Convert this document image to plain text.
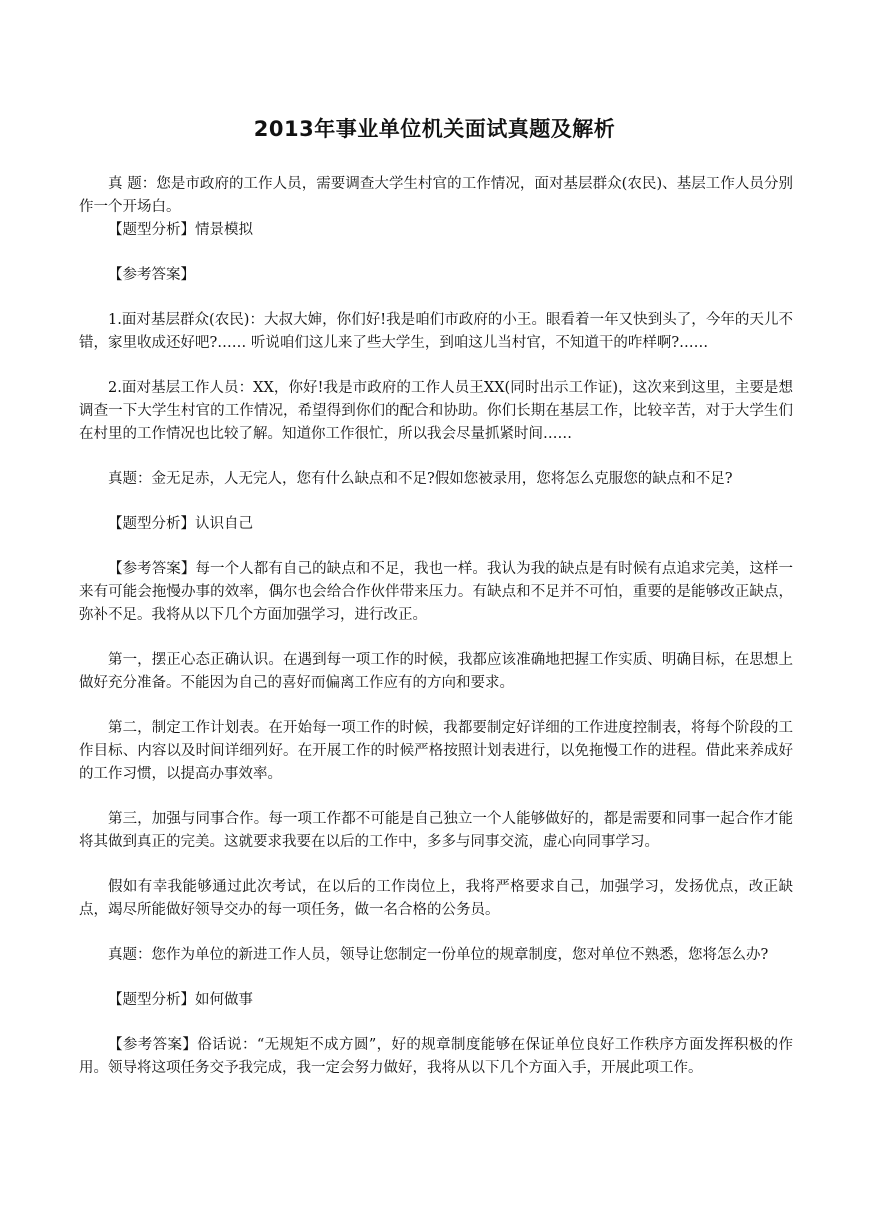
2013年事业单位机关面试真题及解析

真 题：您是市政府的工作人员，需要调查大学生村官的工作情况，面对基层群众(农民)、基层工作人员分别作一个开场白。

【题型分析】情景模拟

【参考答案】

1.面对基层群众(农民)：大叔大婶，你们好!我是咱们市政府的小王。眼看着一年又快到头了，今年的天儿不错，家里收成还好吧?…… 听说咱们这儿来了些大学生，到咱这儿当村官，不知道干的咋样啊?……

2.面对基层工作人员：XX，你好!我是市政府的工作人员王XX(同时出示工作证)，这次来到这里，主要是想调查一下大学生村官的工作情况，希望得到你们的配合和协助。你们长期在基层工作，比较辛苦，对于大学生们在村里的工作情况也比较了解。知道你工作很忙，所以我会尽量抓紧时间……

真题：金无足赤，人无完人，您有什么缺点和不足?假如您被录用，您将怎么克服您的缺点和不足?

【题型分析】认识自己

【参考答案】每一个人都有自己的缺点和不足，我也一样。我认为我的缺点是有时候有点追求完美，这样一来有可能会拖慢办事的效率，偶尔也会给合作伙伴带来压力。有缺点和不足并不可怕，重要的是能够改正缺点，弥补不足。我将从以下几个方面加强学习，进行改正。

第一，摆正心态正确认识。在遇到每一项工作的时候，我都应该准确地把握工作实质、明确目标，在思想上做好充分准备。不能因为自己的喜好而偏离工作应有的方向和要求。

第二，制定工作计划表。在开始每一项工作的时候，我都要制定好详细的工作进度控制表，将每个阶段的工作目标、内容以及时间详细列好。在开展工作的时候严格按照计划表进行，以免拖慢工作的进程。借此来养成好的工作习惯，以提高办事效率。

第三，加强与同事合作。每一项工作都不可能是自己独立一个人能够做好的，都是需要和同事一起合作才能将其做到真正的完美。这就要求我要在以后的工作中，多多与同事交流，虚心向同事学习。

假如有幸我能够通过此次考试，在以后的工作岗位上，我将严格要求自己，加强学习，发扬优点，改正缺点，竭尽所能做好领导交办的每一项任务，做一名合格的公务员。

真题：您作为单位的新进工作人员，领导让您制定一份单位的规章制度，您对单位不熟悉，您将怎么办?

【题型分析】如何做事

【参考答案】俗话说：“无规矩不成方圆”，好的规章制度能够在保证单位良好工作秩序方面发挥积极的作用。领导将这项任务交予我完成，我一定会努力做好，我将从以下几个方面入手，开展此项工作。
